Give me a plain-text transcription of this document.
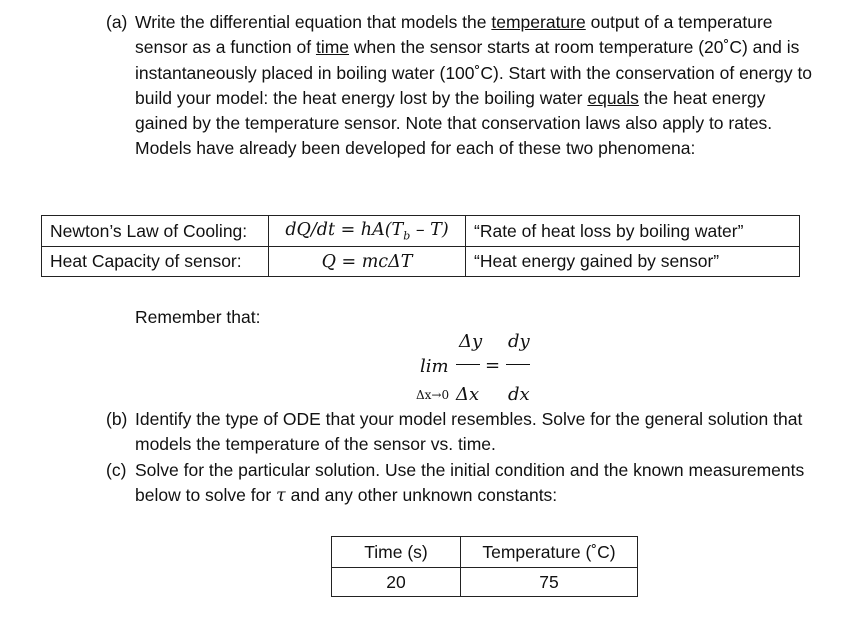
(a) Write the differential equation that models the temperature output of a temperature sensor as a function of time when the sensor starts at room temperature (20˚C) and is instantaneously placed in boiling water (100˚C). Start with the conservation of energy to build your model: the heat energy lost by the boiling water equals the heat energy gained by the temperature sensor. Note that conservation laws also apply to rates. Models have already been developed for each of these two phenomena:
Newton’s Law of Cooling:	$dQ/dt = hA(T_b - T)$	“Rate of heat loss by boiling water”
Heat Capacity of sensor:	Q = mcΔT	“Heat energy gained by sensor”
Remember that:
Δy dy
lim =
Δx→0 Δx dx
(b) Identify the type of ODE that your model resembles. Solve for the general solution that models the temperature of the sensor vs. time.
(c) Solve for the particular solution. Use the initial condition and the known measurements below to solve for τ and any other unknown constants:
Time (s)	Temperature (˚C)
20	75
